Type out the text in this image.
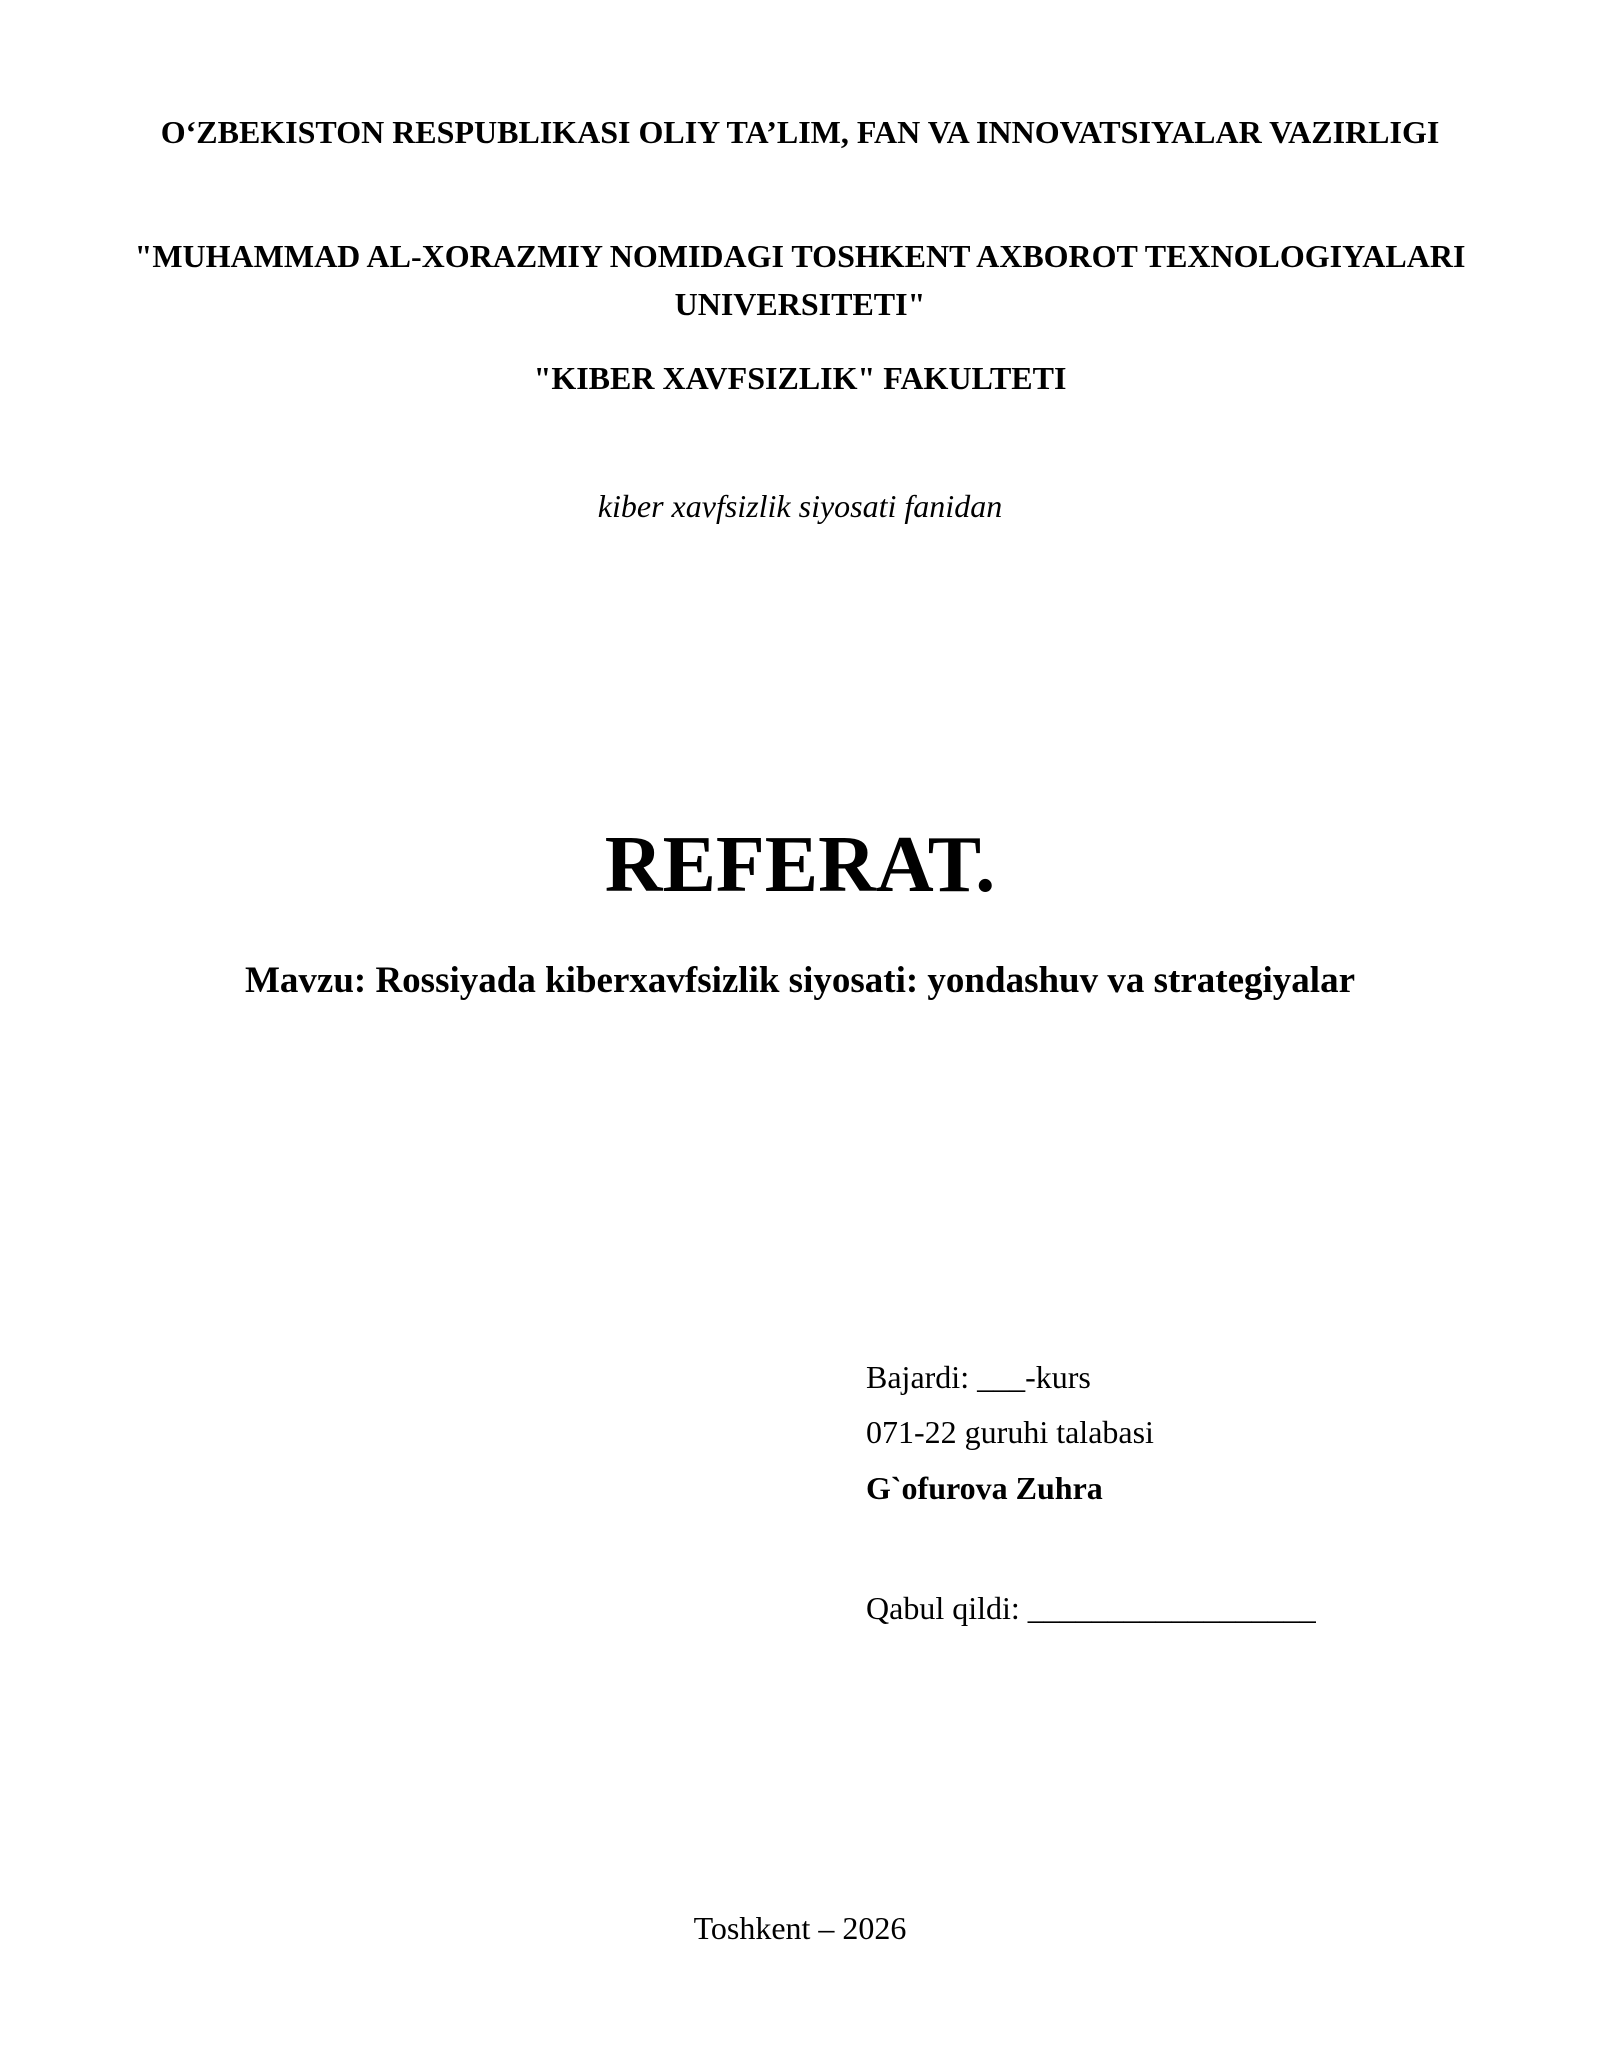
O‘ZBEKISTON RESPUBLIKASI OLIY TA’LIM, FAN VA INNOVATSIYALAR VAZIRLIGI
"MUHAMMAD AL-XORAZMIY NOMIDAGI TOSHKENT AXBOROT TEXNOLOGIYALARI UNIVERSITETI"
"KIBER XAVFSIZLIK" FAKULTETI
kiber xavfsizlik siyosati fanidan
REFERAT.
Mavzu: Rossiyada kiberxavfsizlik siyosati: yondashuv va strategiyalar
Bajardi: ___-kurs
071-22 guruhi talabasi
G`ofurova Zuhra
Qabul qildi: __________________
Toshkent – 2026
